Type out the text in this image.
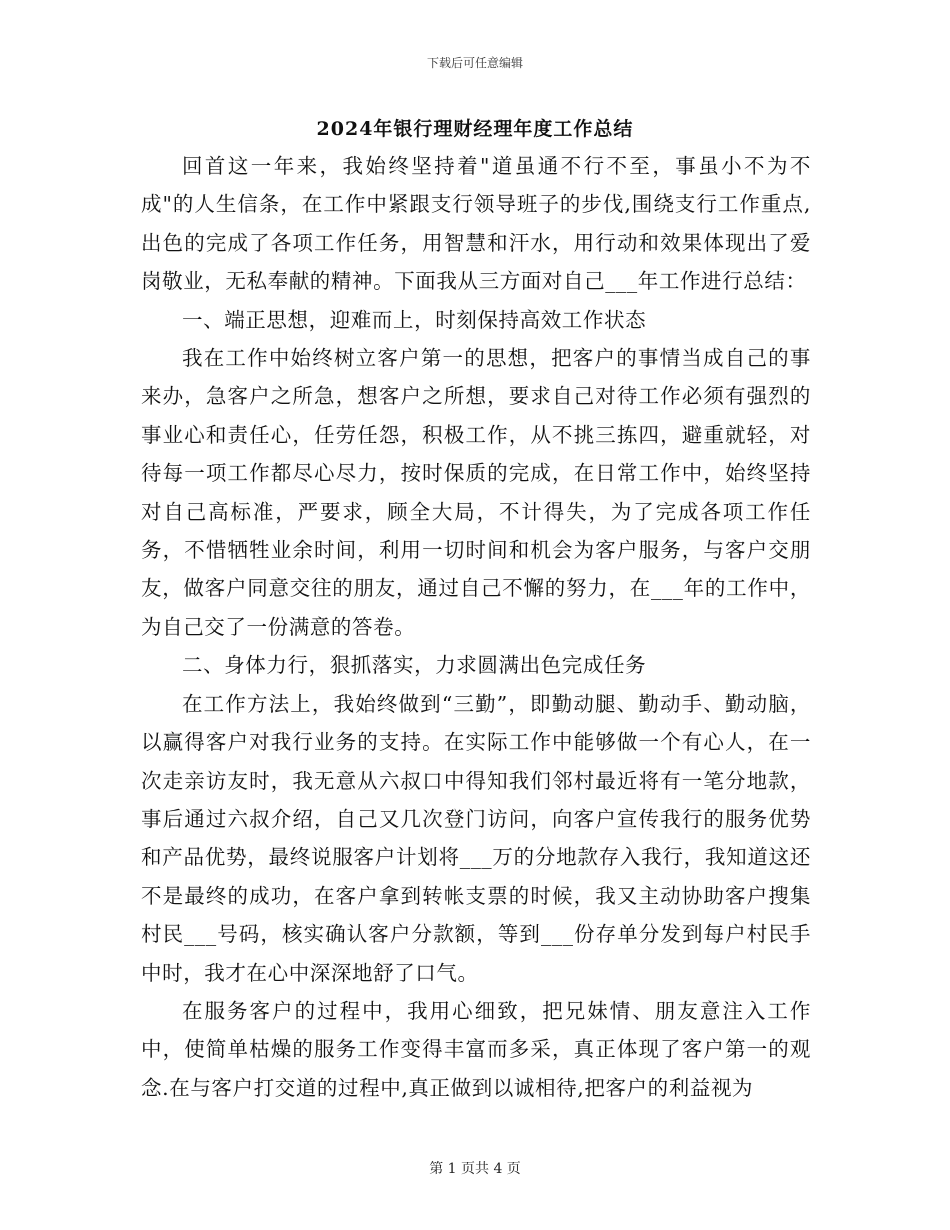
下载后可任意编辑
2024年银行理财经理年度工作总结

回首这一年来，我始终坚持着"道虽通不行不至，事虽小不为不成"的人生信条，在工作中紧跟支行领导班子的步伐,围绕支行工作重点,出色的完成了各项工作任务，用智慧和汗水，用行动和效果体现出了爱岗敬业，无私奉献的精神。下面我从三方面对自己___年工作进行总结：

一、端正思想，迎难而上，时刻保持高效工作状态

我在工作中始终树立客户第一的思想，把客户的事情当成自己的事来办，急客户之所急，想客户之所想，要求自己对待工作必须有强烈的事业心和责任心，任劳任怨，积极工作，从不挑三拣四，避重就轻，对待每一项工作都尽心尽力，按时保质的完成，在日常工作中，始终坚持对自己高标准，严要求，顾全大局，不计得失，为了完成各项工作任务，不惜牺牲业余时间，利用一切时间和机会为客户服务，与客户交朋友，做客户同意交往的朋友，通过自己不懈的努力，在___年的工作中，为自己交了一份满意的答卷。

二、身体力行，狠抓落实，力求圆满出色完成任务

在工作方法上，我始终做到“三勤”，即勤动腿、勤动手、勤动脑，以赢得客户对我行业务的支持。在实际工作中能够做一个有心人，在一次走亲访友时，我无意从六叔口中得知我们邻村最近将有一笔分地款，事后通过六叔介绍，自己又几次登门访问，向客户宣传我行的服务优势和产品优势，最终说服客户计划将___万的分地款存入我行，我知道这还不是最终的成功，在客户拿到转帐支票的时候，我又主动协助客户搜集村民___号码，核实确认客户分款额，等到___份存单分发到每户村民手中时，我才在心中深深地舒了口气。

在服务客户的过程中，我用心细致，把兄妹情、朋友意注入工作中，使简单枯燥的服务工作变得丰富而多采，真正体现了客户第一的观念.在与客户打交道的过程中,真正做到以诚相待,把客户的利益视为

第 1 页共 4 页
